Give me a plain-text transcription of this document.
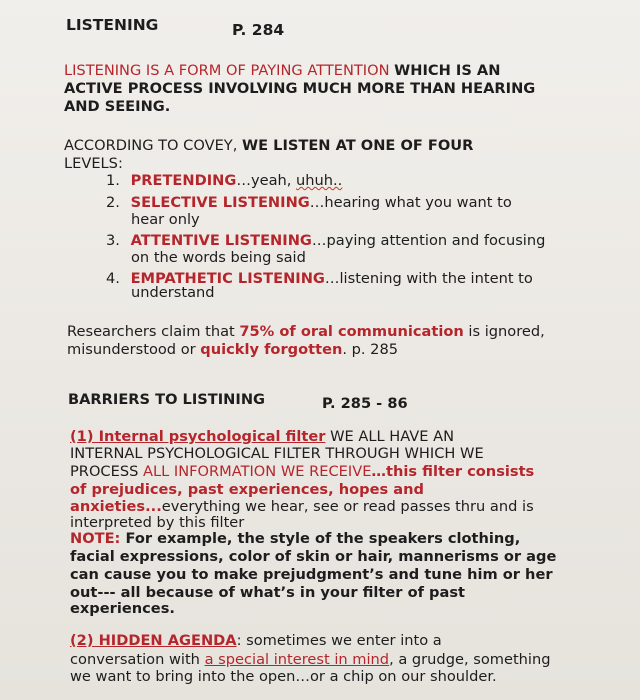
LISTENING	P. 284
LISTENING IS A FORM OF PAYING ATTENTION WHICH IS AN
ACTIVE PROCESS INVOLVING MUCH MORE THAN HEARING
AND SEEING.
ACCORDING TO COVEY, WE LISTEN AT ONE OF FOUR
LEVELS:
1. PRETENDING…yeah, uhuh..
2. SELECTIVE LISTENING…hearing what you want to
hear only
3. ATTENTIVE LISTENING…paying attention and focusing
on the words being said
4. EMPATHETIC LISTENING…listening with the intent to
understand
Researchers claim that 75% of oral communication is ignored,
misunderstood or quickly forgotten. p. 285
BARRIERS TO LISTINING	P. 285 - 86
(1) Internal psychological filter WE ALL HAVE AN
INTERNAL PSYCHOLOGICAL FILTER THROUGH WHICH WE
PROCESS ALL INFORMATION WE RECEIVE…this filter consists
of prejudices, past experiences, hopes and
anxieties...everything we hear, see or read passes thru and is
interpreted by this filter
NOTE: For example, the style of the speakers clothing,
facial expressions, color of skin or hair, mannerisms or age
can cause you to make prejudgment’s and tune him or her
out--- all because of what’s in your filter of past
experiences.
(2) HIDDEN AGENDA: sometimes we enter into a
conversation with a special interest in mind, a grudge, something
we want to bring into the open…or a chip on our shoulder.
